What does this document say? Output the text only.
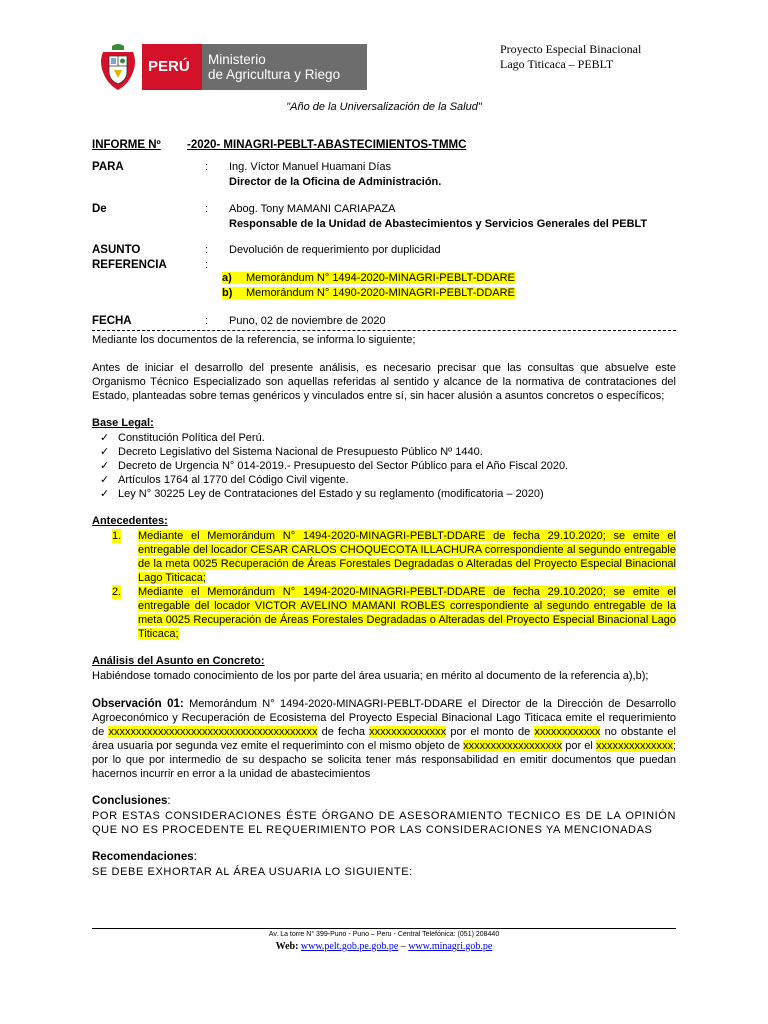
PERÚ Ministerio
de Agricultura y Riego
Proyecto Especial Binacional
Lago Titicaca – PEBLT
"Año de la Universalización de la Salud"
INFORME Nº -2020- MINAGRI-PEBLT-ABASTECIMIENTOS-TMMC
PARA	: Ing. Víctor Manuel Huamani Días
Director de la Oficina de Administración.
De	: Abog. Tony MAMANI CARIAPAZA
Responsable de la Unidad de Abastecimientos y Servicios Generales del PEBLT
ASUNTO	: Devolución de requerimiento por duplicidad
REFERENCIA	:
a) Memorándum N° 1494-2020-MINAGRI-PEBLT-DDARE
b) Memorándum N° 1490-2020-MINAGRI-PEBLT-DDARE
FECHA	: Puno, 02 de noviembre de 2020
Mediante los documentos de la referencia, se informa lo siguiente;
Antes de iniciar el desarrollo del presente análisis, es necesario precisar que las consultas que absuelve este Organismo Técnico Especializado son aquellas referidas al sentido y alcance de la normativa de contrataciones del Estado, planteadas sobre temas genéricos y vinculados entre sí, sin hacer alusión a asuntos concretos o específicos;
Base Legal:
✓ Constitución Política del Perú.
✓ Decreto Legislativo del Sistema Nacional de Presupuesto Público Nº 1440.
✓ Decreto de Urgencia N° 014-2019.- Presupuesto del Sector Público para el Año Fiscal 2020.
✓ Artículos 1764 al 1770 del Código Civil vigente.
✓ Ley N° 30225 Ley de Contrataciones del Estado y su reglamento (modificatoria – 2020)
Antecedentes:
1. Mediante el Memorándum N° 1494-2020-MINAGRI-PEBLT-DDARE de fecha 29.10.2020; se emite el entregable del locador CESAR CARLOS CHOQUECOTA ILLACHURA correspondiente al segundo entregable de la meta 0025 Recuperación de Áreas Forestales Degradadas o Alteradas del Proyecto Especial Binacional Lago Titicaca;
2. Mediante el Memorándum N° 1494-2020-MINAGRI-PEBLT-DDARE de fecha 29.10.2020; se emite el entregable del locador VICTOR AVELINO MAMANI ROBLES correspondiente al segundo entregable de la meta 0025 Recuperación de Áreas Forestales Degradadas o Alteradas del Proyecto Especial Binacional Lago Titicaca;
Análisis del Asunto en Concreto:
Habiéndose tomado conocimiento de los por parte del área usuaria; en mérito al documento de la referencia a),b);
Observación 01: Memorándum N° 1494-2020-MINAGRI-PEBLT-DDARE el Director de la Dirección de Desarrollo Agroeconómico y Recuperación de Ecosistema del Proyecto Especial Binacional Lago Titicaca emite el requerimiento de xxxxxxxxxxxxxxxxxxxxxxxxxxxxxxxxxxxxxx de fecha xxxxxxxxxxxxxx por el monto de xxxxxxxxxxxx no obstante el área usuaria por segunda vez emite el requeriminto con el mismo objeto de xxxxxxxxxxxxxxxxxx por el xxxxxxxxxxxxxx; por lo que por intermedio de su despacho se solicita tener más responsabilidad en emitir documentos que puedan hacernos incurrir en error a la unidad de abastecimientos
Conclusiones:
POR ESTAS CONSIDERACIONES ÉSTE ÓRGANO DE ASESORAMIENTO TECNICO ES DE LA OPINIÓN QUE NO ES PROCEDENTE EL REQUERIMIENTO POR LAS CONSIDERACIONES YA MENCIONADAS
Recomendaciones:
SE DEBE EXHORTAR AL ÁREA USUARIA LO SIGUIENTE:
Av. La torre N° 399-Puno - Puno – Peru - Central Telefónica: (051) 208440
Web: www.pelt.gob.pe.gob.pe – www.minagri.gob.pe
